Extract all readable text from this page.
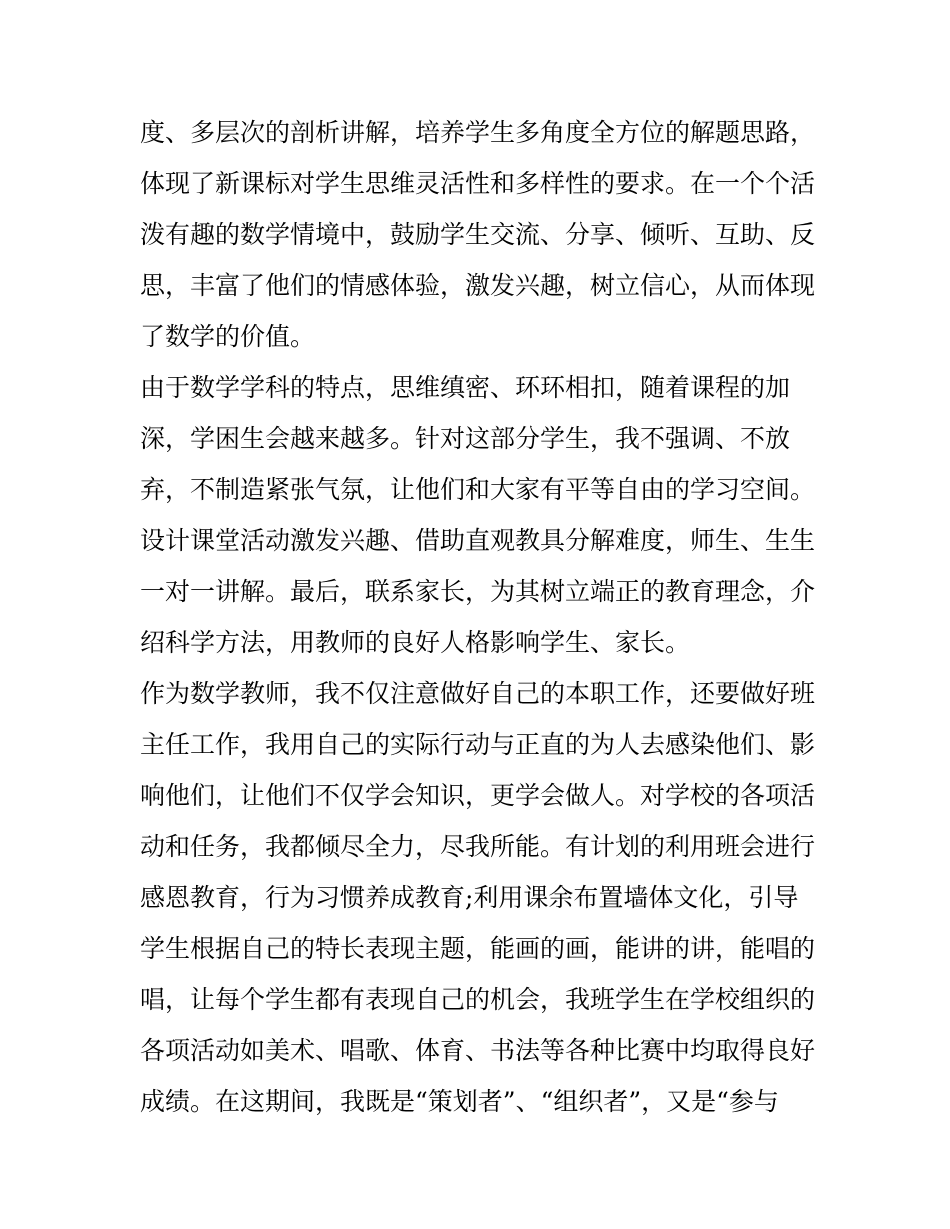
度、多层次的剖析讲解，培养学生多角度全方位的解题思路，
体现了新课标对学生思维灵活性和多样性的要求。在一个个活
泼有趣的数学情境中，鼓励学生交流、分享、倾听、互助、反
思，丰富了他们的情感体验，激发兴趣，树立信心，从而体现
了数学的价值。
由于数学学科的特点，思维缜密、环环相扣，随着课程的加
深，学困生会越来越多。针对这部分学生，我不强调、不放
弃，不制造紧张气氛，让他们和大家有平等自由的学习空间。
设计课堂活动激发兴趣、借助直观教具分解难度，师生、生生
一对一讲解。最后，联系家长，为其树立端正的教育理念，介
绍科学方法，用教师的良好人格影响学生、家长。
作为数学教师，我不仅注意做好自己的本职工作，还要做好班
主任工作，我用自己的实际行动与正直的为人去感染他们、影
响他们，让他们不仅学会知识，更学会做人。对学校的各项活
动和任务，我都倾尽全力，尽我所能。有计划的利用班会进行
感恩教育，行为习惯养成教育;利用课余布置墙体文化，引导
学生根据自己的特长表现主题，能画的画，能讲的讲，能唱的
唱，让每个学生都有表现自己的机会，我班学生在学校组织的
各项活动如美术、唱歌、体育、书法等各种比赛中均取得良好
成绩。在这期间，我既是“策划者”、“组织者”，又是“参与
